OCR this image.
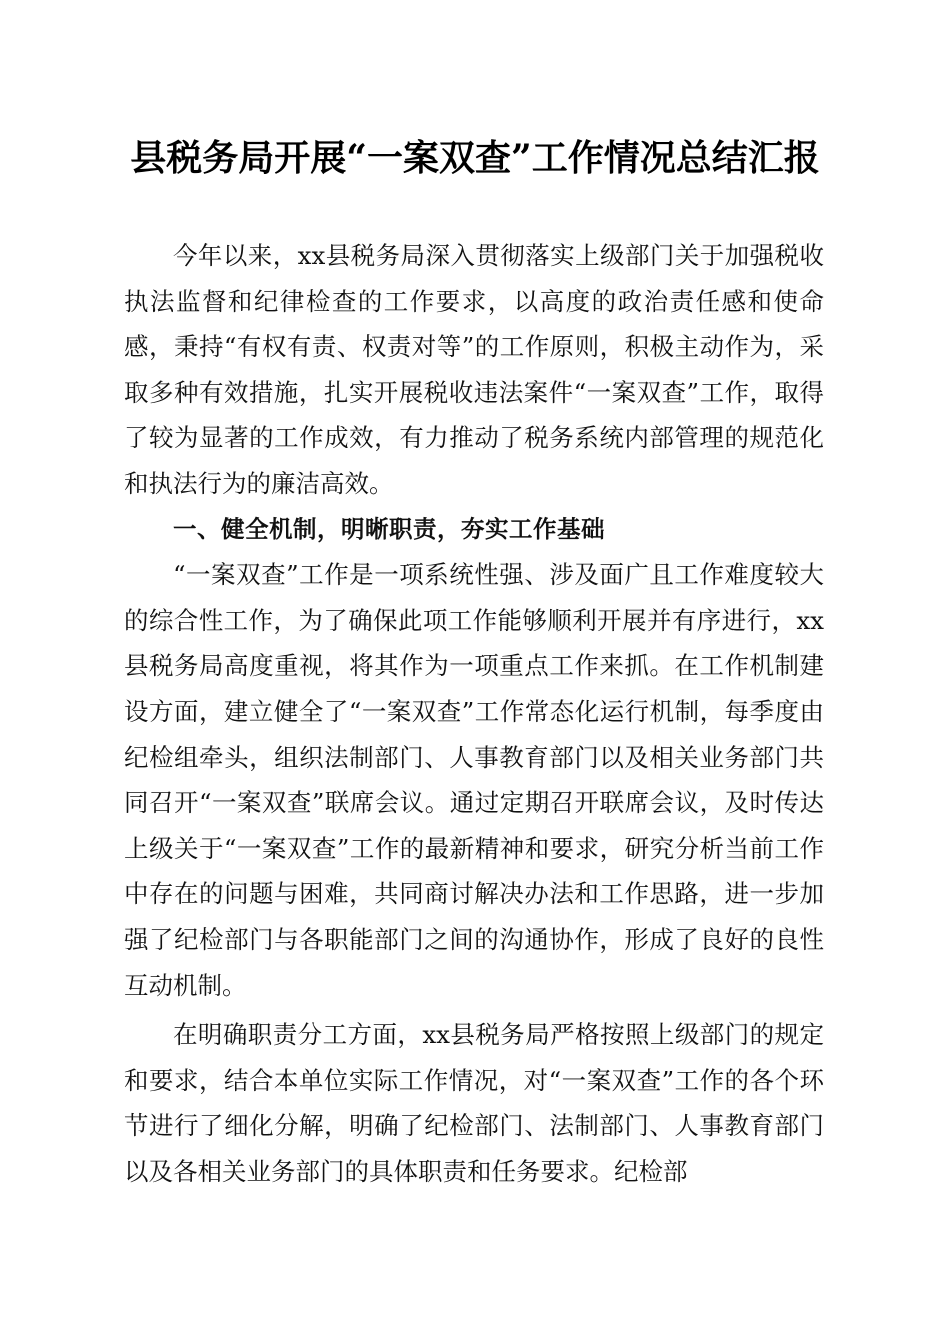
县税务局开展“一案双查”工作情况总结汇报

今年以来，xx县税务局深入贯彻落实上级部门关于加强税收执法监督和纪律检查的工作要求，以高度的政治责任感和使命感，秉持“有权有责、权责对等”的工作原则，积极主动作为，采取多种有效措施，扎实开展税收违法案件“一案双查”工作，取得了较为显著的工作成效，有力推动了税务系统内部管理的规范化和执法行为的廉洁高效。

一、健全机制，明晰职责，夯实工作基础

“一案双查”工作是一项系统性强、涉及面广且工作难度较大的综合性工作，为了确保此项工作能够顺利开展并有序进行，xx县税务局高度重视，将其作为一项重点工作来抓。在工作机制建设方面，建立健全了“一案双查”工作常态化运行机制，每季度由纪检组牵头，组织法制部门、人事教育部门以及相关业务部门共同召开“一案双查”联席会议。通过定期召开联席会议，及时传达上级关于“一案双查”工作的最新精神和要求，研究分析当前工作中存在的问题与困难，共同商讨解决办法和工作思路，进一步加强了纪检部门与各职能部门之间的沟通协作，形成了良好的良性互动机制。

在明确职责分工方面，xx县税务局严格按照上级部门的规定和要求，结合本单位实际工作情况，对“一案双查”工作的各个环节进行了细化分解，明确了纪检部门、法制部门、人事教育部门以及各相关业务部门的具体职责和任务要求。纪检部
